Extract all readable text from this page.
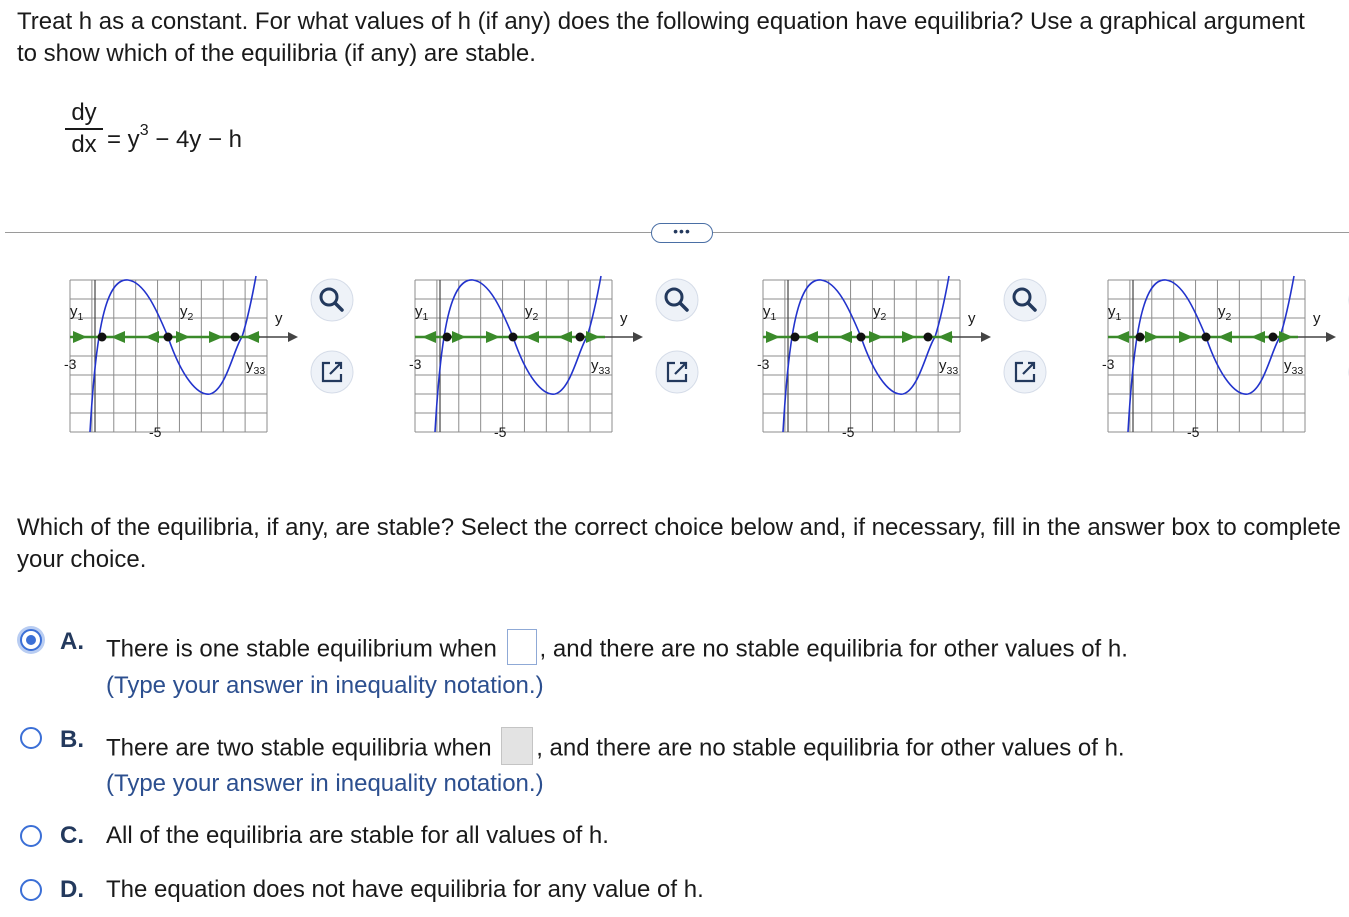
Treat h as a constant. For what values of h (if any) does the following equation have equilibria? Use a graphical argument to show which of the equilibria (if any) are stable.
dy
dx = $y^3 - 4y - h$
•••
$y_1$	$y_2$
$y_{33}$
y
-3
-5
$y_1$	$y_2$
$y_{33}$
y
-3
-5
$y_1$	$y_2$
$y_{33}$
y
-3
-5
$y_1$	$y_2$
$y_{33}$
y
-3
-5
Which of the equilibria, if any, are stable? Select the correct choice below and, if necessary, fill in the answer box to complete your choice.
A. There is one stable equilibrium when , and there are no stable equilibria for other values of h.
(Type your answer in inequality notation.)
B. There are two stable equilibria when , and there are no stable equilibria for other values of h.
(Type your answer in inequality notation.)
C. All of the equilibria are stable for all values of h.
D. The equation does not have equilibria for any value of h.
